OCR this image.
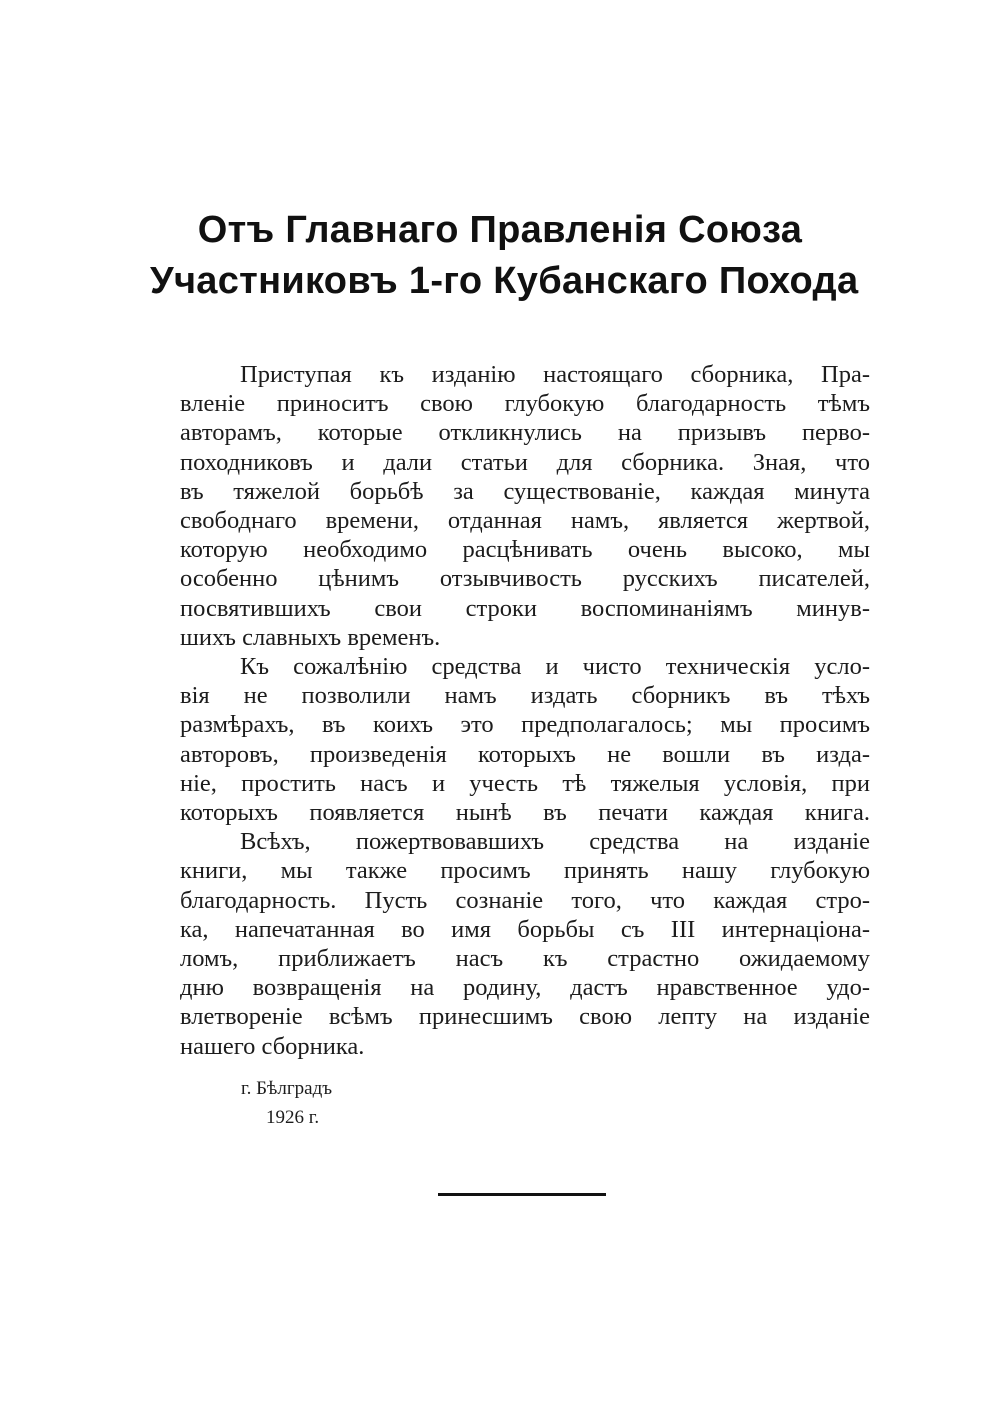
Отъ Главнаго Правленія Союза
Участниковъ 1-го Кубанскаго Похода
Приступая къ изданію настоящаго сборника, Пра-
вленіе приноситъ свою глубокую благодарность тѣмъ
авторамъ, которые откликнулись на призывъ перво-
походниковъ и дали статьи для сборника. Зная, что
въ тяжелой борьбѣ за существованіе, каждая минута
свободнаго времени, отданная намъ, является жертвой,
которую необходимо расцѣнивать очень высоко, мы
особенно цѣнимъ отзывчивость русскихъ писателей,
посвятившихъ свои строки воспоминаніямъ минув-
шихъ славныхъ временъ.
Къ сожалѣнію средства и чисто техническія усло-
вія не позволили намъ издать сборникъ въ тѣхъ
размѣрахъ, въ коихъ это предполагалось; мы просимъ
авторовъ, произведенія которыхъ не вошли въ изда-
ніе, простить насъ и учесть тѣ тяжелыя условія, при
которыхъ появляется нынѣ въ печати каждая книга.
Всѣхъ, пожертвовавшихъ средства на изданіе
книги, мы также просимъ принять нашу глубокую
благодарность. Пусть сознаніе того, что каждая стро-
ка, напечатанная во имя борьбы съ III интернаціона-
ломъ, приближаетъ насъ къ страстно ожидаемому
дню возвращенія на родину, дастъ нравственное удо-
влетвореніе всѣмъ принесшимъ свою лепту на изданіе
нашего сборника.
г. Бѣлградъ
1926 г.
